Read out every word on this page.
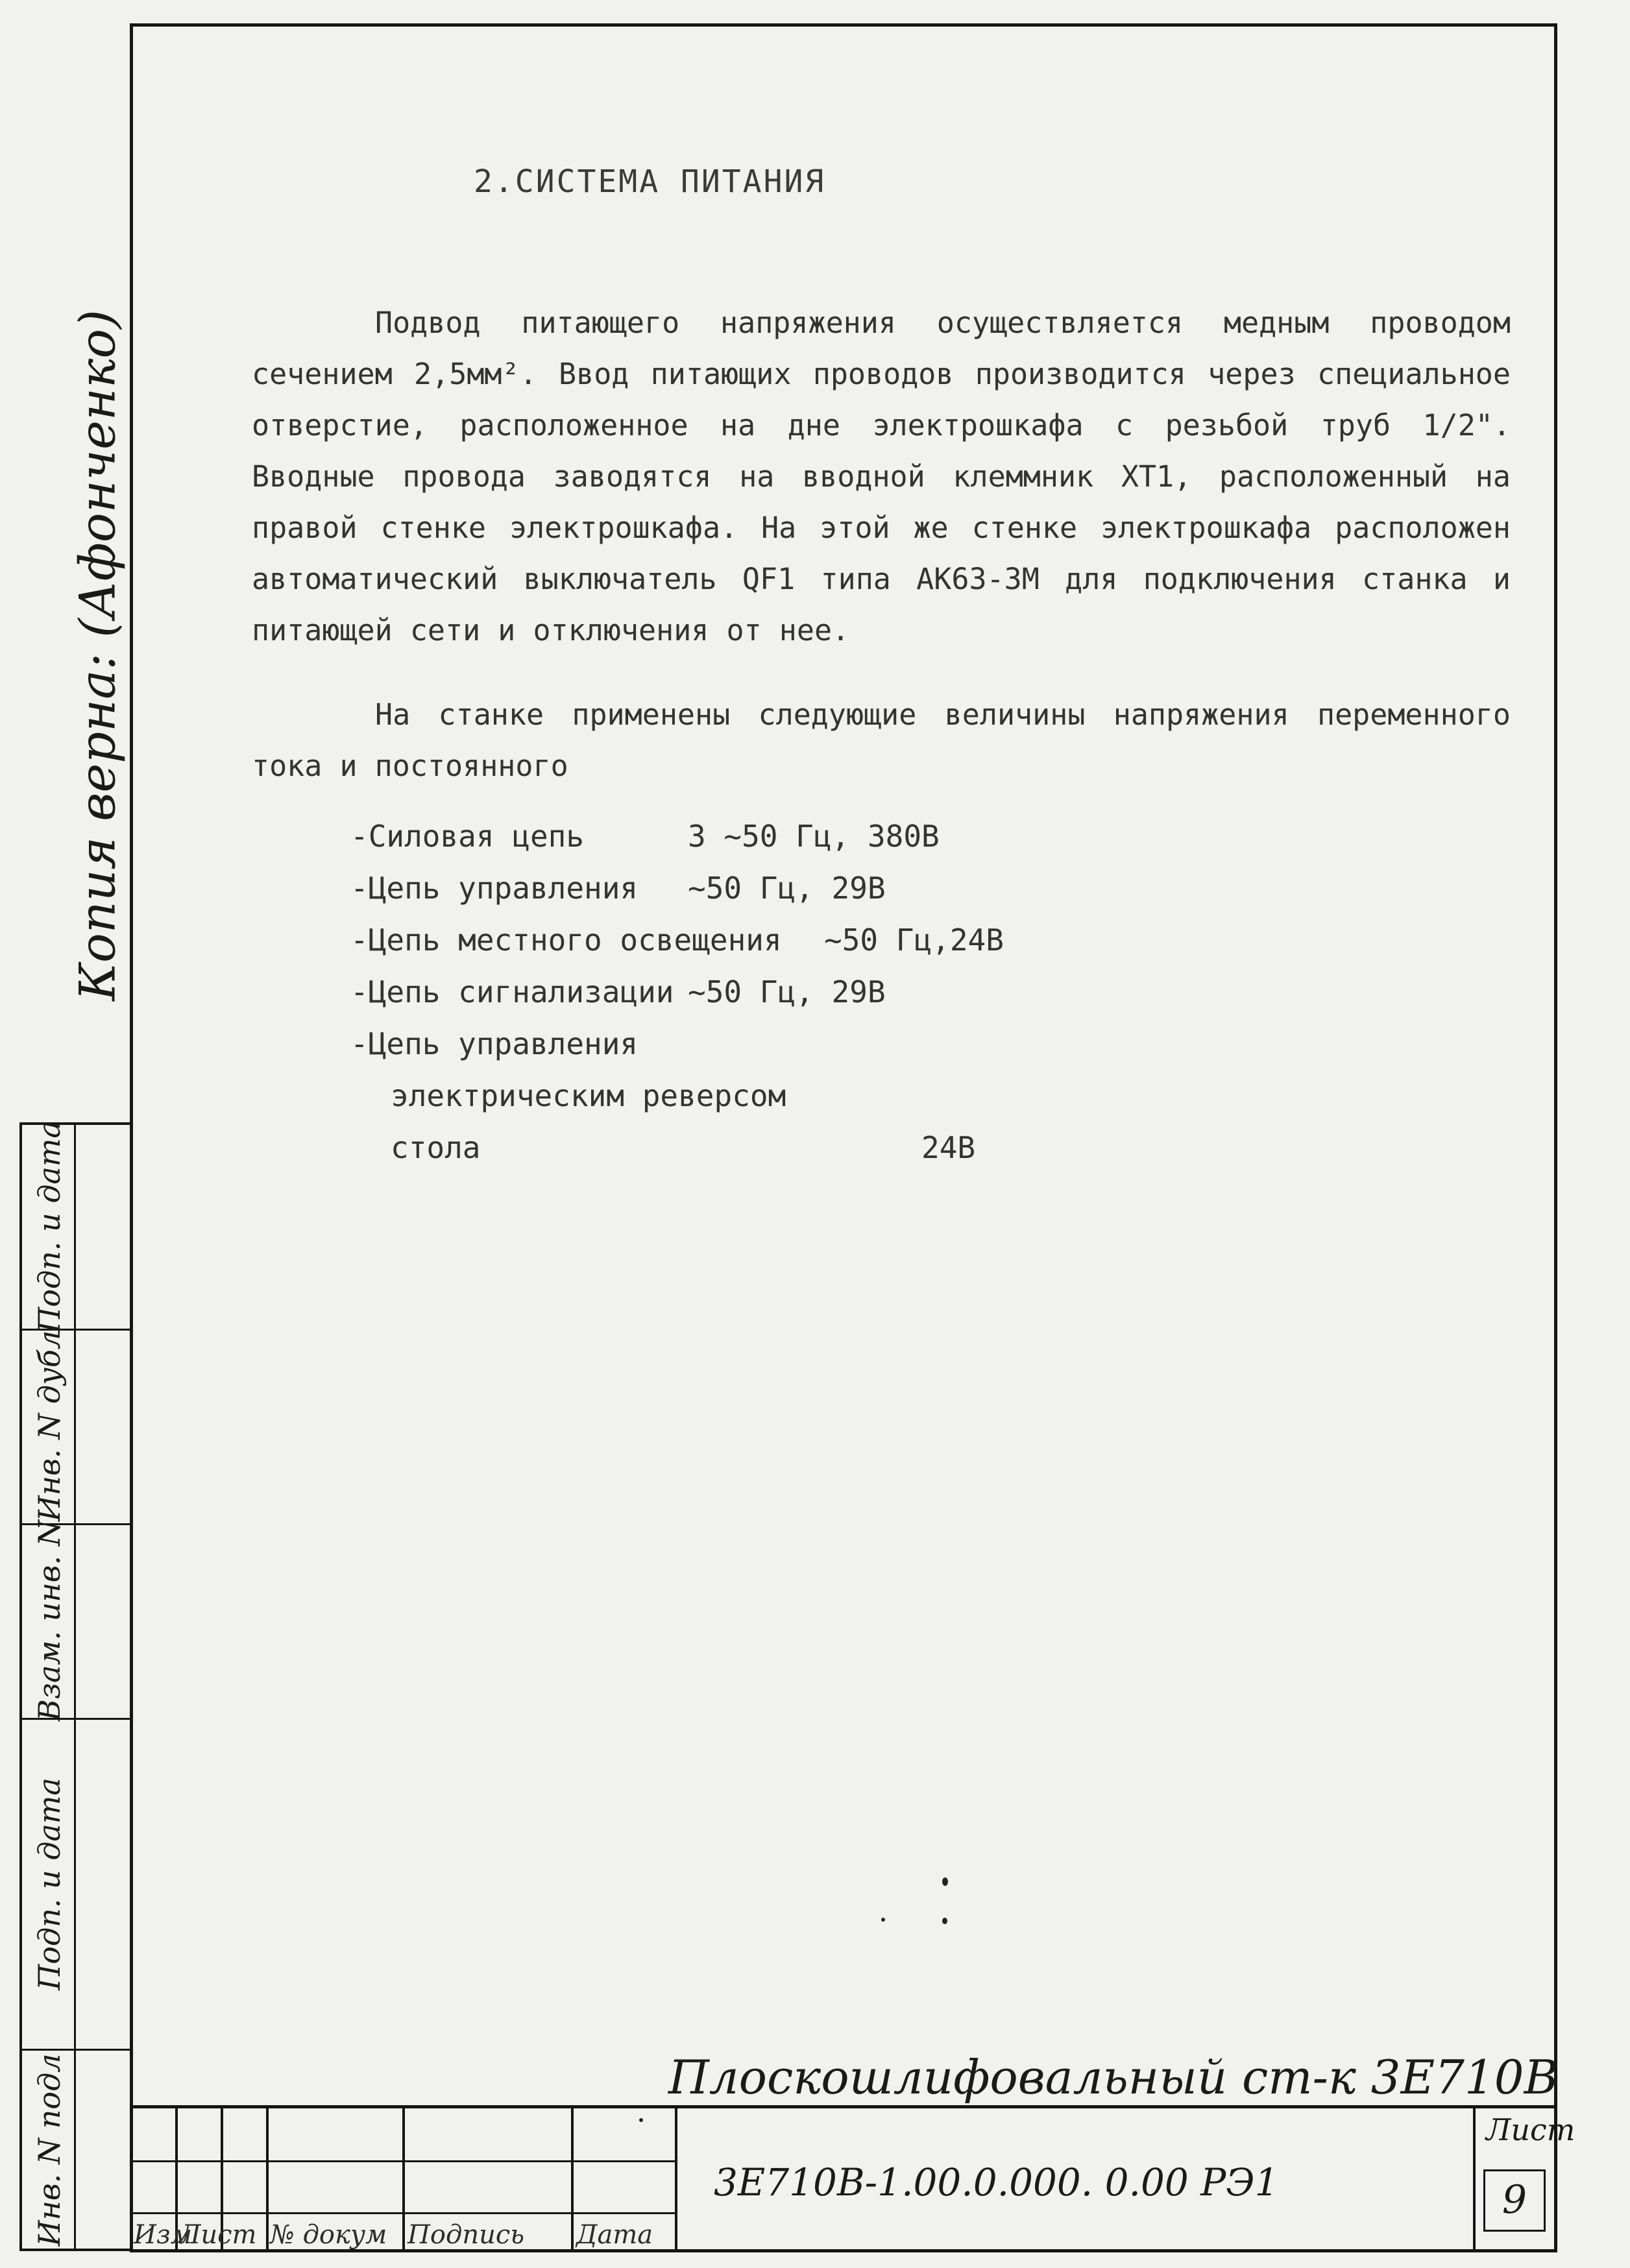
2.СИСТЕМА ПИТАНИЯ
Подвод питающего напряжения осуществляется медным проводом сечением 2,5мм². Ввод питающих проводов производится через специальное отверстие, расположенное на дне электрошкафа с резьбой труб 1/2". Вводные провода заводятся на вводной клеммник ХТ1, расположенный на правой стенке электрошкафа. На этой же стенке электрошкафа расположен автоматический выключатель QF1 типа АК63-3М для подключения станка и питающей сети и отключения от нее.
На станке применены следующие величины напряжения переменного тока и постоянного
-Силовая цепь	3 ~50 Гц, 380В
-Цепь управления ~50 Гц, 29В
-Цепь местного освещения ~50 Гц,24В
-Цепь сигнализации ~50 Гц, 29В
-Цепь управления
электрическим реверсом
стола	24В
Копия верна: (Афонченко)
Инв. N подл
Подп. и дата
Взам. инв. N
Инв. N дубл
Подп. и дата
Плоскошлифовальный ст-к 3Е710В
Изм
Лист № докум Подпись Дата
3Е710В-1.00.0.000. 0.00 РЭ1
Лист
9
